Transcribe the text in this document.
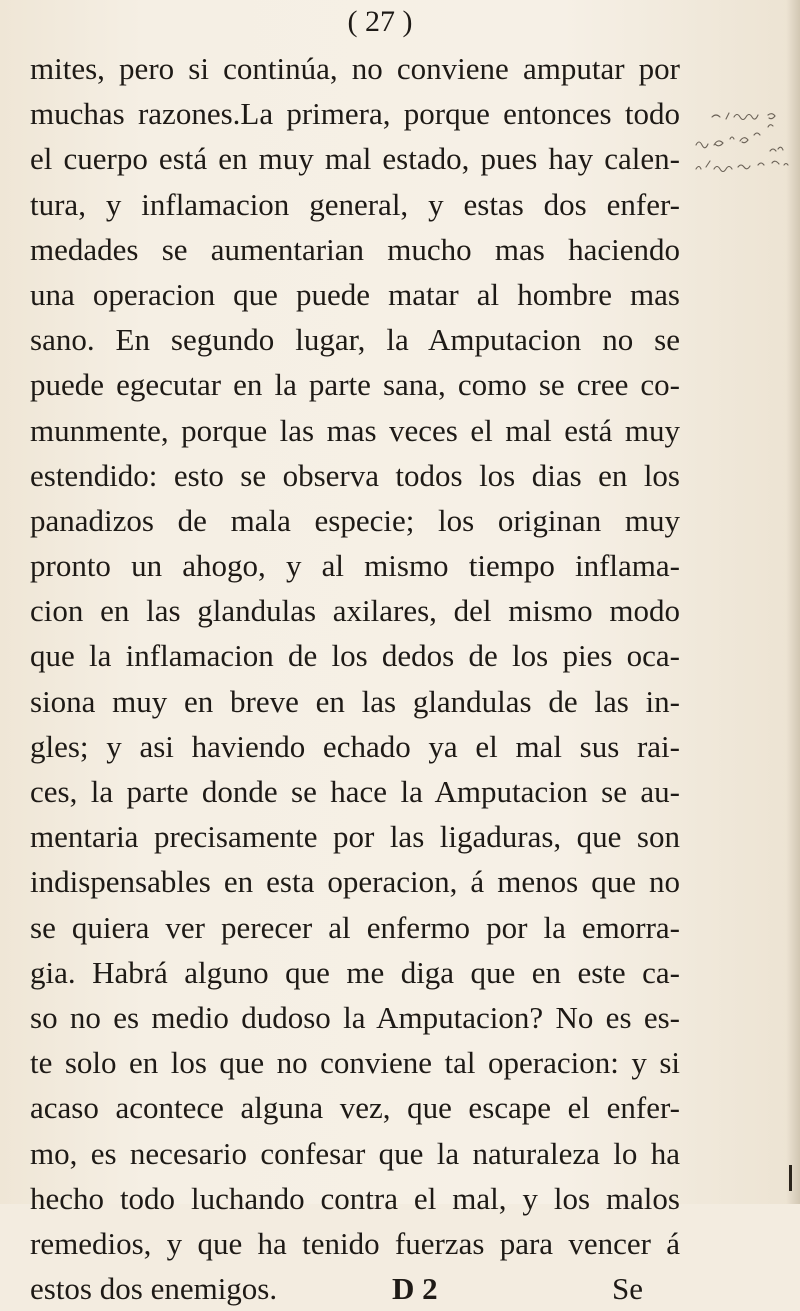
( 27 )
mites, pero si continúa, no conviene amputar por
muchas razones.La primera, porque entonces todo
el cuerpo está en muy mal estado, pues hay calen-
tura, y inflamacion general, y estas dos enfer-
medades se aumentarian mucho mas haciendo
una operacion que puede matar al hombre mas
sano. En segundo lugar, la Amputacion no se
puede egecutar en la parte sana, como se cree co-
munmente, porque las mas veces el mal está muy
estendido: esto se observa todos los dias en los
panadizos de mala especie; los originan muy
pronto un ahogo, y al mismo tiempo inflama-
cion en las glandulas axilares, del mismo modo
que la inflamacion de los dedos de los pies oca-
siona muy en breve en las glandulas de las in-
gles; y asi haviendo echado ya el mal sus rai-
ces, la parte donde se hace la Amputacion se au-
mentaria precisamente por las ligaduras, que son
indispensables en esta operacion, á menos que no
se quiera ver perecer al enfermo por la emorra-
gia. Habrá alguno que me diga que en este ca-
so no es medio dudoso la Amputacion? No es es-
te solo en los que no conviene tal operacion: y si
acaso acontece alguna vez, que escape el enfer-
mo, es necesario confesar que la naturaleza lo ha
hecho todo luchando contra el mal, y los malos
remedios, y que ha tenido fuerzas para vencer á
estos dos enemigos.	D 2	Se
